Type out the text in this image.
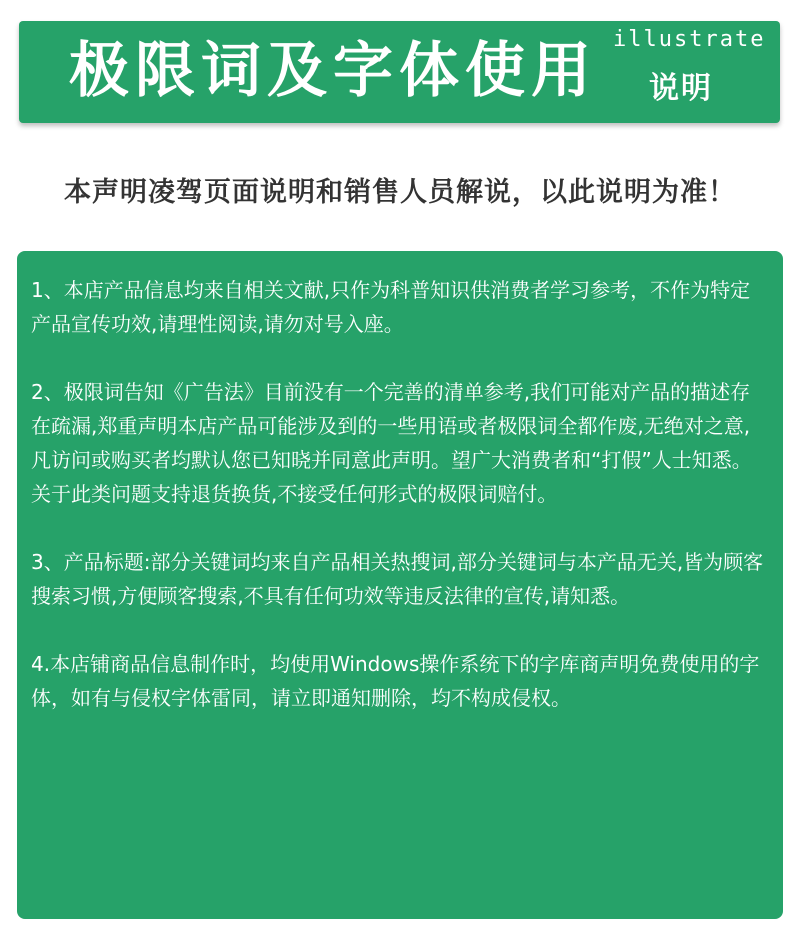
极限词及字体使用 illustrate
说明
本声明凌驾页面说明和销售人员解说，以此说明为准！

1、本店产品信息均来自相关文献,只作为科普知识供消费者学习参考，不作为特定产品宣传功效,请理性阅读,请勿对号入座。

2、极限词告知《广告法》目前没有一个完善的清单参考,我们可能对产品的描述存在疏漏,郑重声明本店产品可能涉及到的一些用语或者极限词全都作废,无绝对之意,凡访问或购买者均默认您已知晓并同意此声明。望广大消费者和“打假”人士知悉。关于此类问题支持退货换货,不接受任何形式的极限词赔付。

3、产品标题:部分关键词均来自产品相关热搜词,部分关键词与本产品无关,皆为顾客搜索习惯,方便顾客搜索,不具有任何功效等违反法律的宣传,请知悉。

4.本店铺商品信息制作时，均使用Windows操作系统下的字库商声明免费使用的字体，如有与侵权字体雷同，请立即通知删除，均不构成侵权。
